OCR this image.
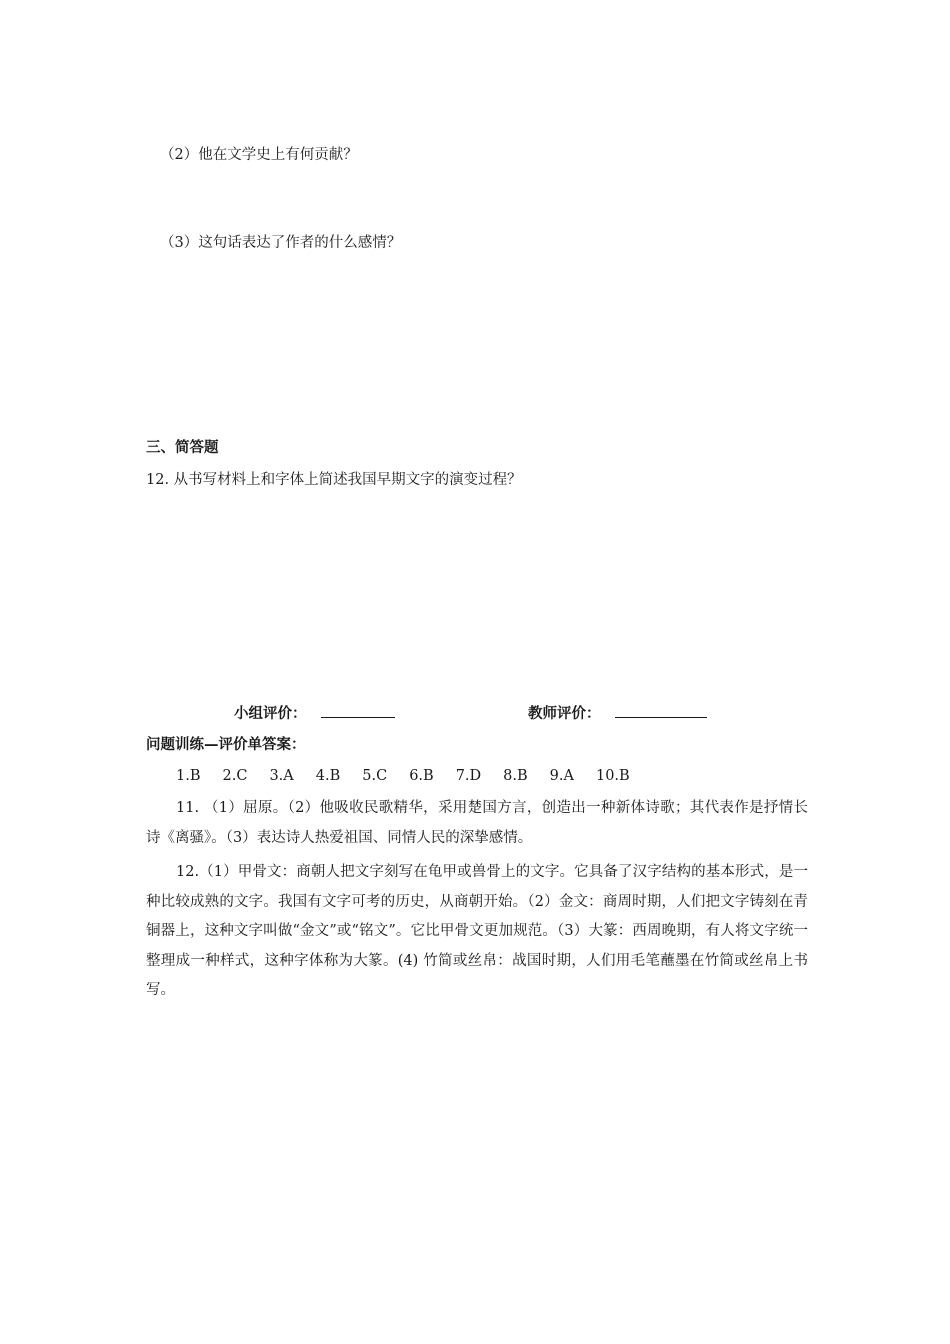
（2）他在文学史上有何贡献？
（3）这句话表达了作者的什么感情？
三、简答题
12. 从书写材料上和字体上简述我国早期文字的演变过程？
小组评价：	教师评价：
问题训练—评价单答案：
1.B 2.C 3.A 4.B 5.C 6.B 7.D 8.B 9.A 10.B
11. （1）屈原。（2）他吸收民歌精华，采用楚国方言，创造出一种新体诗歌；其代表作是抒情长诗《离骚》。（3）表达诗人热爱祖国、同情人民的深挚感情。
12.（1）甲骨文：商朝人把文字刻写在龟甲或兽骨上的文字。它具备了汉字结构的基本形式，是一种比较成熟的文字。我国有文字可考的历史，从商朝开始。（2）金文：商周时期，人们把文字铸刻在青铜器上，这种文字叫做“金文”或“铭文”。它比甲骨文更加规范。（3）大篆：西周晚期，有人将文字统一整理成一种样式，这种字体称为大篆。(4) 竹简或丝帛：战国时期，人们用毛笔蘸墨在竹简或丝帛上书写。
